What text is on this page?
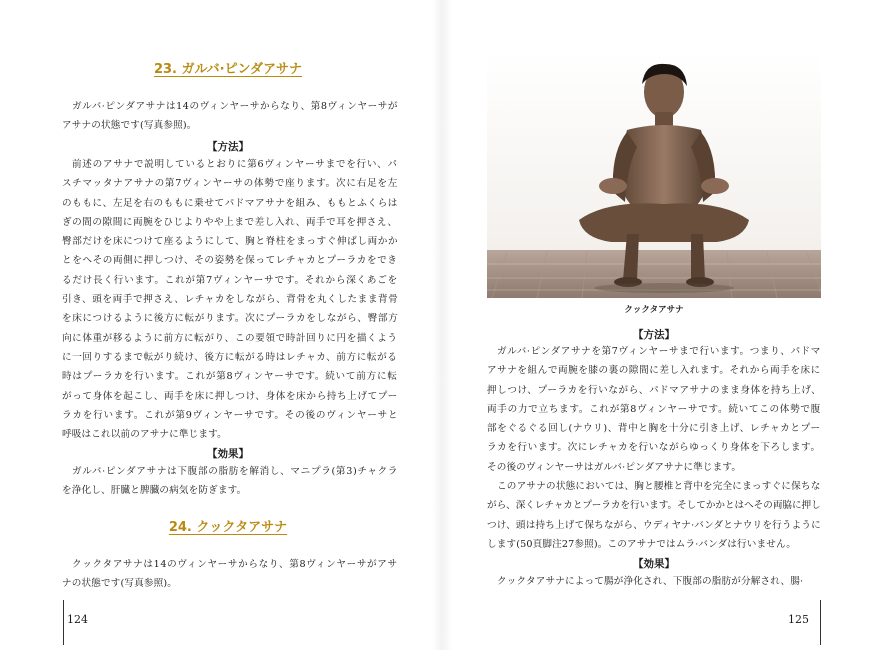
23. ガルバ·ピンダアサナ
ガルバ·ピンダアサナは14のヴィンヤーサからなり、第8ヴィンヤーサが
アサナの状態です(写真参照)。
【方法】
前述のアサナで説明しているとおりに第6ヴィンヤーサまでを行い、パ
スチマッタナアサナの第7ヴィンヤーサの体勢で座ります。次に右足を左
のももに、左足を右のももに乗せてパドマアサナを組み、ももとふくらは
ぎの間の隙間に両腕をひじよりやや上まで差し入れ、両手で耳を押さえ、
臀部だけを床につけて座るようにして、胸と脊柱をまっすぐ伸ばし両かか
とをへその両側に押しつけ、その姿勢を保ってレチャカとプーラカをでき
るだけ長く行います。これが第7ヴィンヤーサです。それから深くあごを
引き、頭を両手で押さえ、レチャカをしながら、背骨を丸くしたまま背骨
を床につけるように後方に転がります。次にプーラカをしながら、臀部方
向に体重が移るように前方に転がり、この要領で時計回りに円を描くよう
に一回りするまで転がり続け、後方に転がる時はレチャカ、前方に転がる
時はプーラカを行います。これが第8ヴィンヤーサです。続いて前方に転
がって身体を起こし、両手を床に押しつけ、身体を床から持ち上げてプー
ラカを行います。これが第9ヴィンヤーサです。その後のヴィンヤーサと
呼吸はこれ以前のアサナに準じます。
【効果】
ガルバ·ピンダアサナは下腹部の脂肪を解消し、マニプラ(第3)チャクラ
を浄化し、肝臓と脾臓の病気を防ぎます。
24. クックタアサナ
クックタアサナは14のヴィンヤーサからなり、第8ヴィンヤーサがアサ
ナの状態です(写真参照)。
124
クックタアサナ
【方法】
ガルバ·ピンダアサナを第7ヴィンヤーサまで行います。つまり、パドマ
アサナを組んで両腕を膝の裏の隙間に差し入れます。それから両手を床に
押しつけ、プーラカを行いながら、パドマアサナのまま身体を持ち上げ、
両手の力で立ちます。これが第8ヴィンヤーサです。続いてこの体勢で腹
部をぐるぐる回し(ナウリ)、背中と胸を十分に引き上げ、レチャカとプー
ラカを行います。次にレチャカを行いながらゆっくり身体を下ろします。
その後のヴィンヤーサはガルバ·ピンダアサナに準じます。
このアサナの状態においては、胸と腰椎と背中を完全にまっすぐに保ちな
がら、深くレチャカとプーラカを行います。そしてかかとはへその両脇に押し
つけ、頭は持ち上げて保ちながら、ウディヤナ·バンダとナウリを行うように
します(50頁脚注27参照)。このアサナではムラ·バンダは行いません。
【効果】
クックタアサナによって腸が浄化され、下腹部の脂肪が分解され、腸·
125
